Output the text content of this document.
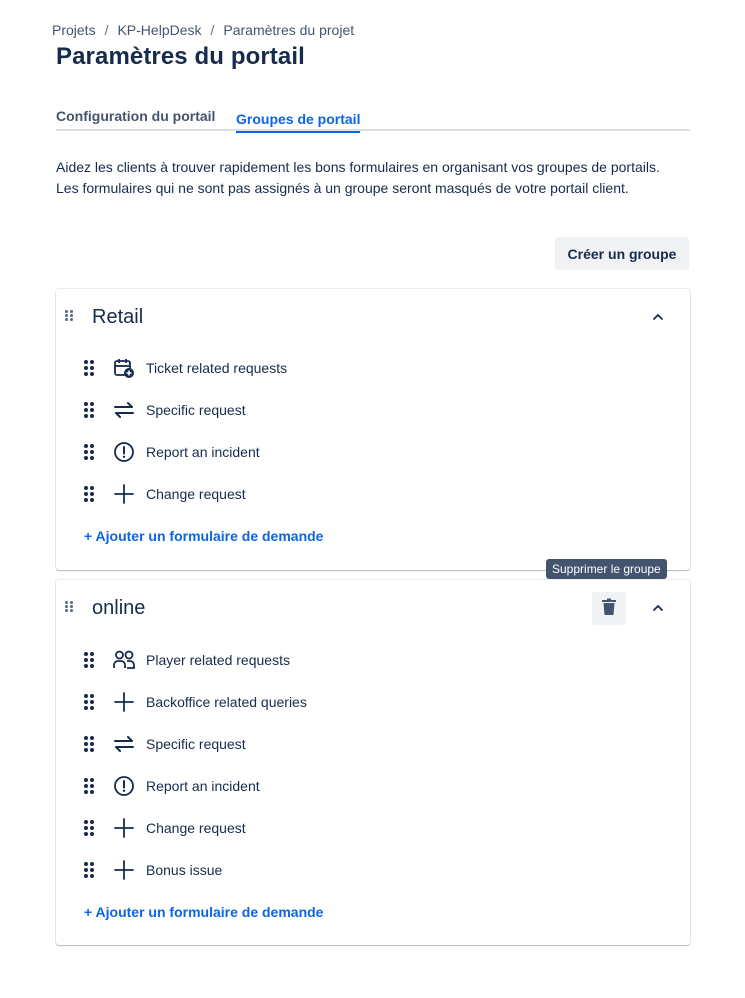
Projets / KP-HelpDesk / Paramètres du projet
Paramètres du portail
Configuration du portail Groupes de portail

Aidez les clients à trouver rapidement les bons formulaires en organisant vos groupes de portails. Les formulaires qui ne sont pas assignés à un groupe seront masqués de votre portail client.

Créer un groupe
Retail
Ticket related requests
Specific request
Report an incident
Change request
+ Ajouter un formulaire de demande
Supprimer le groupe
online
Player related requests
Backoffice related queries
Specific request
Report an incident
Change request
Bonus issue
+ Ajouter un formulaire de demande
